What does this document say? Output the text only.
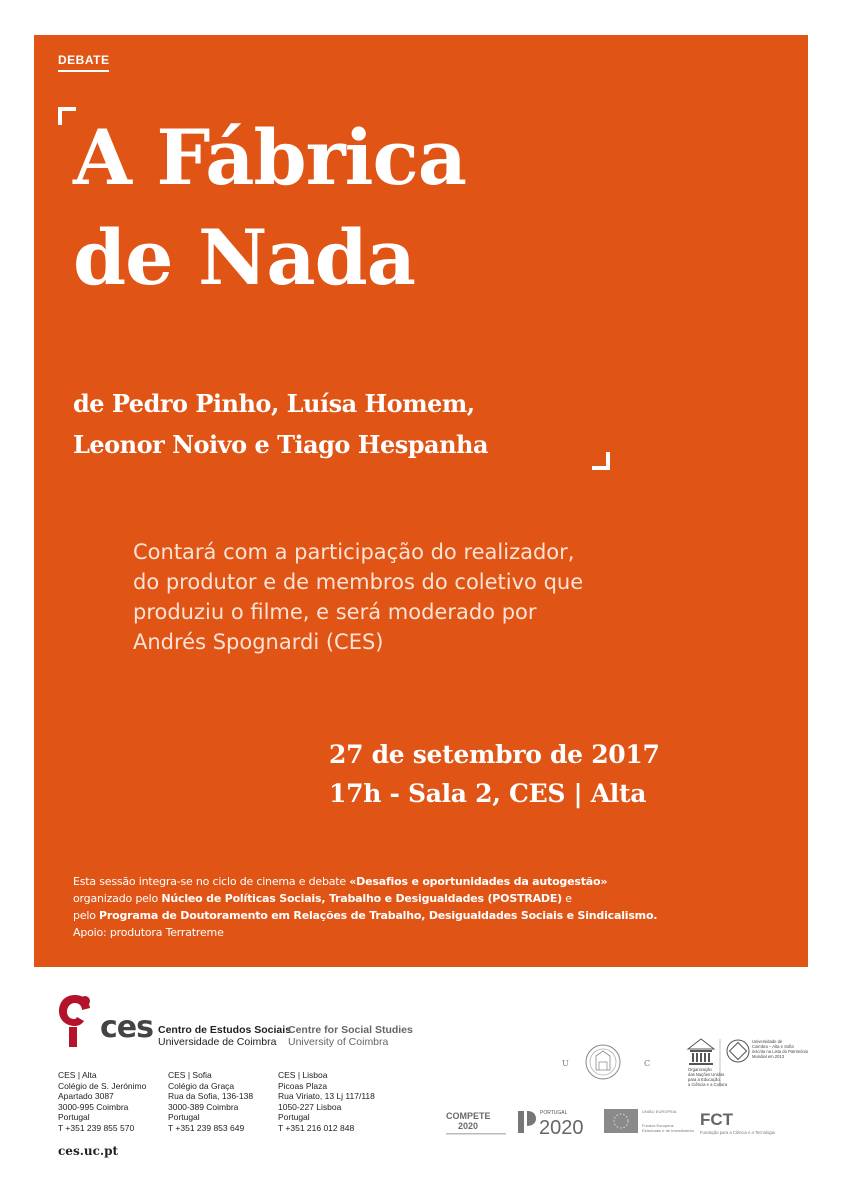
DEBATE
A Fábrica
de Nada
de Pedro Pinho, Luísa Homem,
Leonor Noivo e Tiago Hespanha

Contará com a participação do realizador,
do produtor e de membros do coletivo que
produziu o filme, e será moderado por
Andrés Spognardi (CES)

27 de setembro de 2017
17h - Sala 2, CES | Alta

Esta sessão integra-se no ciclo de cinema e debate «Desafios e oportunidades da autogestão»
organizado pelo Núcleo de Políticas Sociais, Trabalho e Desigualdades (POSTRADE) e
pelo Programa de Doutoramento em Relações de Trabalho, Desigualdades Sociais e Sindicalismo.
Apoio: produtora Terratreme

ces Centro de Estudos Sociais
Universidade de Coimbra
Centre for Social Studies
University of Coimbra
CES | Alta
Colégio de S. Jerónimo
Apartado 3087
3000-995 Coimbra
Portugal
T +351 239 855 570
CES | Sofia
Colégio da Graça
Rua da Sofia, 136-138
3000-389 Coimbra
Portugal
T +351 239 853 649
CES | Lisboa
Picoas Plaza
Rua Viriato, 13 Lj 117/118
1050-227 Lisboa
Portugal
T +351 216 012 848
ces.uc.pt
U	C
Organização das Nações Unidas para a Educação, a Ciência e a Cultura
Universidade de Coimbra – Alta e Sofia inscrita na Lista do Património Mundial em 2013
COMPETE
2020
PORTUGAL
2020
UNIÃO EUROPEIA Fundos Europeus Estruturais e de Investimento
FCT
Fundação para a Ciência e a Tecnologia
